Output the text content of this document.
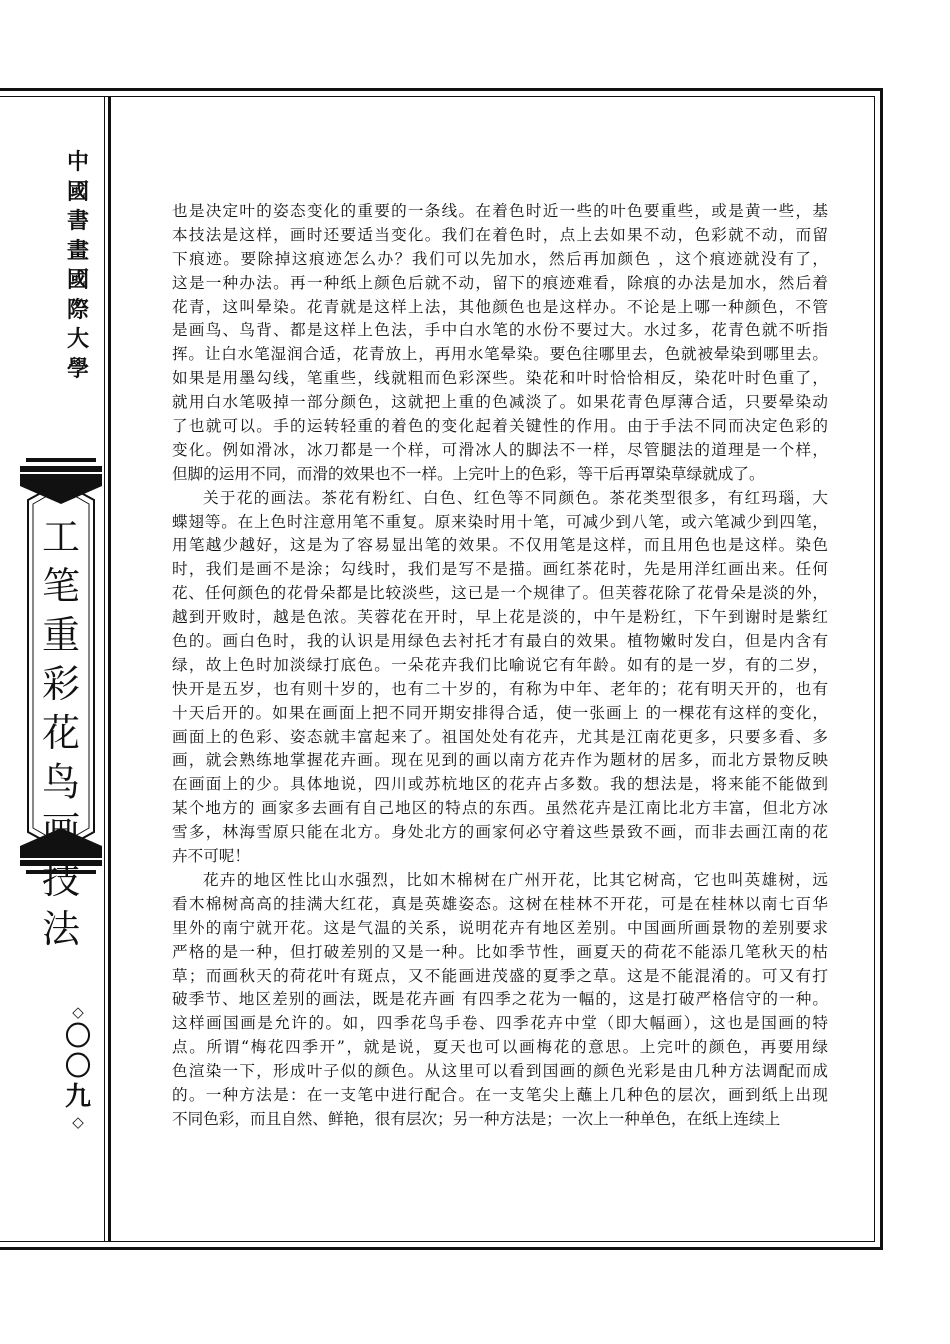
中
國
書
畫
國
際
大
學
工
笔
重
彩
花
鸟
画
技
法
◇
〇
〇
九
◇
也是决定叶的姿态变化的重要的一条线。在着色时近一些的叶色要重些，或是黄一些，基
本技法是这样，画时还要适当变化。我们在着色时，点上去如果不动，色彩就不动，而留
下痕迹。要除掉这痕迹怎么办？我们可以先加水，然后再加颜色 ，这个痕迹就没有了，
这是一种办法。再一种纸上颜色后就不动，留下的痕迹难看，除痕的办法是加水，然后着
花青，这叫晕染。花青就是这样上法，其他颜色也是这样办。不论是上哪一种颜色，不管
是画鸟、鸟背、都是这样上色法，手中白水笔的水份不要过大。水过多，花青色就不听指
挥。让白水笔湿润合适，花青放上，再用水笔晕染。要色往哪里去，色就被晕染到哪里去。
如果是用墨勾线，笔重些，线就粗而色彩深些。染花和叶时恰恰相反，染花叶时色重了，
就用白水笔吸掉一部分颜色，这就把上重的色减淡了。如果花青色厚薄合适，只要晕染动
了也就可以。手的运转轻重的着色的变化起着关键性的作用。由于手法不同而决定色彩的
变化。例如滑冰，冰刀都是一个样，可滑冰人的脚法不一样，尽管腿法的道理是一个样，
但脚的运用不同，而滑的效果也不一样。上完叶上的色彩，等干后再罩染草绿就成了。
关于花的画法。茶花有粉红、白色、红色等不同颜色。茶花类型很多，有红玛瑙，大
蝶翅等。在上色时注意用笔不重复。原来染时用十笔，可减少到八笔，或六笔减少到四笔，
用笔越少越好，这是为了容易显出笔的效果。不仅用笔是这样，而且用色也是这样。染色
时，我们是画不是涂；勾线时，我们是写不是描。画红茶花时，先是用洋红画出来。任何
花、任何颜色的花骨朵都是比较淡些，这已是一个规律了。但芙蓉花除了花骨朵是淡的外，
越到开败时，越是色浓。芙蓉花在开时，早上花是淡的，中午是粉红，下午到谢时是紫红
色的。画白色时，我的认识是用绿色去衬托才有最白的效果。植物嫩时发白，但是内含有
绿，故上色时加淡绿打底色。一朵花卉我们比喻说它有年龄。如有的是一岁，有的二岁，
快开是五岁，也有则十岁的，也有二十岁的，有称为中年、老年的；花有明天开的，也有
十天后开的。如果在画面上把不同开期安排得合适，使一张画上 的一棵花有这样的变化，
画面上的色彩、姿态就丰富起来了。祖国处处有花卉，尤其是江南花更多，只要多看、多
画，就会熟练地掌握花卉画。现在见到的画以南方花卉作为题材的居多，而北方景物反映
在画面上的少。具体地说，四川或苏杭地区的花卉占多数。我的想法是，将来能不能做到
某个地方的 画家多去画有自己地区的特点的东西。虽然花卉是江南比北方丰富，但北方冰
雪多，林海雪原只能在北方。身处北方的画家何必守着这些景致不画，而非去画江南的花
卉不可呢！
花卉的地区性比山水强烈，比如木棉树在广州开花，比其它树高，它也叫英雄树，远
看木棉树高高的挂满大红花，真是英雄姿态。这树在桂林不开花，可是在桂林以南七百华
里外的南宁就开花。这是气温的关系，说明花卉有地区差别。中国画所画景物的差别要求
严格的是一种，但打破差别的又是一种。比如季节性，画夏天的荷花不能添几笔秋天的枯
草；而画秋天的荷花叶有斑点，又不能画进茂盛的夏季之草。这是不能混淆的。可又有打
破季节、地区差别的画法，既是花卉画 有四季之花为一幅的，这是打破严格信守的一种。
这样画国画是允许的。如，四季花鸟手卷、四季花卉中堂（即大幅画），这也是国画的特
点。所谓“梅花四季开”，就是说，夏天也可以画梅花的意思。上完叶的颜色，再要用绿
色渲染一下，形成叶子似的颜色。从这里可以看到国画的颜色光彩是由几种方法调配而成
的。一种方法是：在一支笔中进行配合。在一支笔尖上蘸上几种色的层次，画到纸上出现
不同色彩，而且自然、鲜艳，很有层次；另一种方法是；一次上一种单色，在纸上连续上
